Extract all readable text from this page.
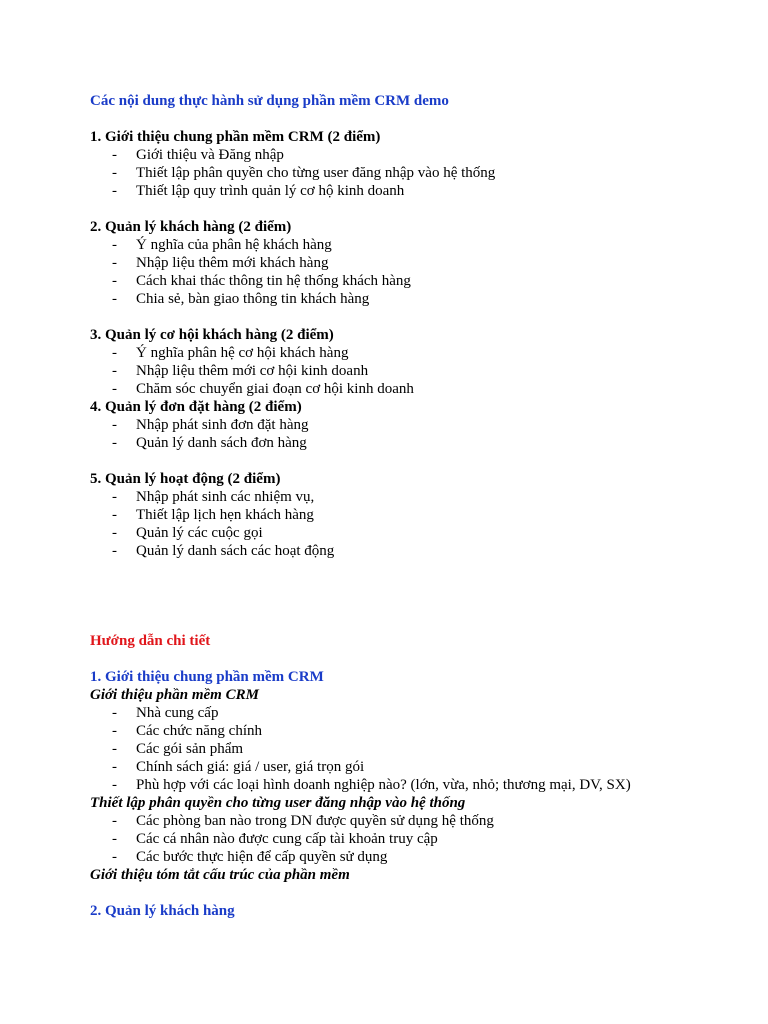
Các nội dung thực hành sử dụng phần mềm CRM demo
1. Giới thiệu chung phần mềm CRM (2 điểm)
- Giới thiệu và Đăng nhập
- Thiết lập phân quyền cho từng user đăng nhập vào hệ thống
- Thiết lập quy trình quản lý cơ hộ kinh doanh
2. Quản lý khách hàng (2 điểm)
- Ý nghĩa của phân hệ khách hàng
- Nhập liệu thêm mới khách hàng
- Cách khai thác thông tin hệ thống khách hàng
- Chia sẻ, bàn giao thông tin khách hàng
3. Quản lý cơ hội khách hàng (2 điểm)
- Ý nghĩa phân hệ cơ hội khách hàng
- Nhập liệu thêm mới cơ hội kinh doanh
- Chăm sóc chuyển giai đoạn cơ hội kinh doanh
4. Quản lý đơn đặt hàng (2 điểm)
- Nhập phát sinh đơn đặt hàng
- Quản lý danh sách đơn hàng
5. Quản lý hoạt động (2 điểm)
- Nhập phát sinh các nhiệm vụ,
- Thiết lập lịch hẹn khách hàng
- Quản lý các cuộc gọi
- Quản lý danh sách các hoạt động
Hướng dẫn chi tiết
1. Giới thiệu chung phần mềm CRM
Giới thiệu phần mềm CRM
- Nhà cung cấp
- Các chức năng chính
- Các gói sản phẩm
- Chính sách giá: giá / user, giá trọn gói
- Phù hợp với các loại hình doanh nghiệp nào? (lớn, vừa, nhỏ; thương mại, DV, SX)
Thiết lập phân quyền cho từng user đăng nhập vào hệ thống
- Các phòng ban nào trong DN được quyền sử dụng hệ thống
- Các cá nhân nào được cung cấp tài khoản truy cập
- Các bước thực hiện để cấp quyền sử dụng
Giới thiệu tóm tắt cấu trúc của phần mềm
2. Quản lý khách hàng
